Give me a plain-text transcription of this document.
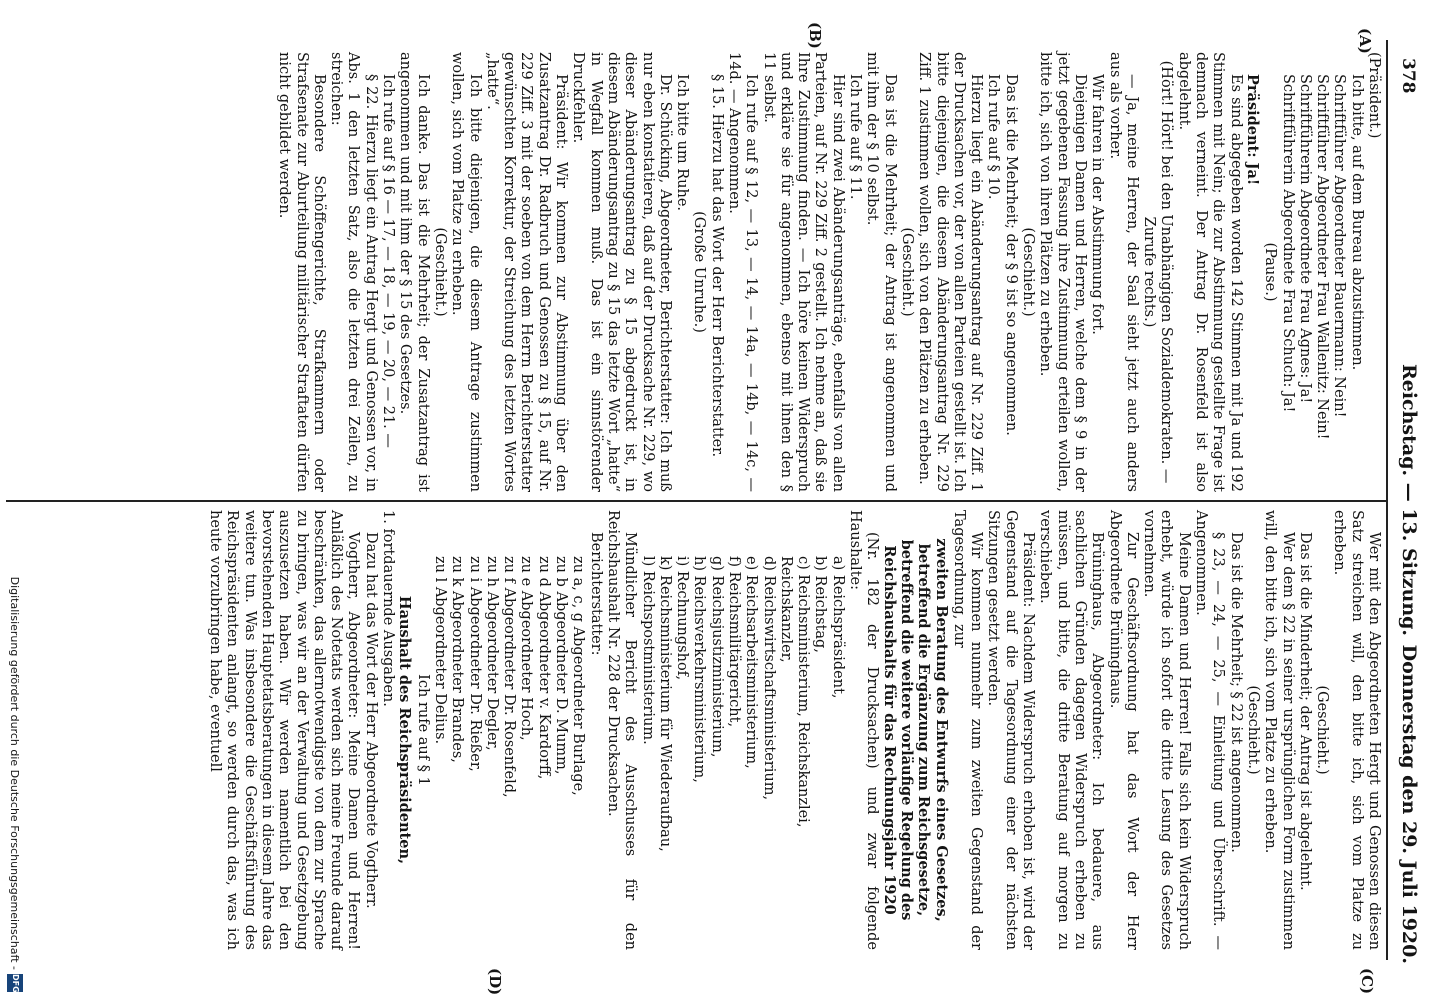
378
Reichstag. — 13. Sitzung.
Donnerstag den 29. Juli 1920.
(A)
(B)
(C)
(D)

(Präsident.)

Ich bitte, auf dem Bureau abzustimmen.

Schriftführer Abgeordneter Bauermann: Nein!

Schriftführer Abgeordneter Frau Wallenitz: Nein!

Schriftführerin Abgeordnete Frau Agnes: Ja!

Schriftführerin Abgeordnete Frau Schuch: Ja!

(Pause.)

Präsident: Ja!

Es sind abgegeben worden 142 Stimmen mit Ja und 192 Stimmen mit Nein; die zur Abstimmung gestellte Frage ist demnach verneint. Der Antrag Dr. Rosenfeld ist also abgelehnt.

(Hört! Hört! bei den Unabhängigen Sozialdemokraten. — Zurufe rechts.)

— Ja, meine Herren, der Saal sieht jetzt auch anders aus als vorher.

Wir fahren in der Abstimmung fort.

Diejenigen Damen und Herren, welche dem § 9 in der jetzt gegebenen Fassung ihre Zustimmung erteilen wollen, bitte ich, sich von ihren Plätzen zu erheben.

(Geschieht.)

Das ist die Mehrheit; der § 9 ist so angenommen.

Ich rufe auf § 10.

Hierzu liegt ein Abänderungsantrag auf Nr. 229 Ziff. 1 der Drucksachen vor, der von allen Parteien gestellt ist. Ich bitte diejenigen, die diesem Abänderungsantrag Nr. 229 Ziff. 1 zustimmen wollen, sich von den Plätzen zu erheben.

(Geschieht.)

Das ist die Mehrheit; der Antrag ist angenommen und mit ihm der § 10 selbst.

Ich rufe auf § 11.

Hier sind zwei Abänderungsanträge, ebenfalls von allen Parteien, auf Nr. 229 Ziff. 2 gestellt. Ich nehme an, daß sie Ihre Zustimmung finden. — Ich höre keinen Widerspruch und erkläre sie für angenommen, ebenso mit ihnen den § 11 selbst.

Ich rufe auf § 12, — 13, — 14, — 14a, — 14b, — 14c, — 14d. — Angenommen.

§ 15. Hierzu hat das Wort der Herr Berichterstatter.

(Große Unruhe.)

Ich bitte um Ruhe.

Dr. Schücking, Abgeordneter, Berichterstatter: Ich muß nur eben konstatieren, daß auf der Drucksache Nr. 229, wo dieser Abänderungsantrag zu § 15 abgedruckt ist, in diesem Abänderungsantrag zu § 15 das letzte Wort „hatte“ in Wegfall kommen muß. Das ist ein sinnstörender Druckfehler.

Präsident: Wir kommen zur Abstimmung über den Zusatzantrag Dr. Radbruch und Genossen zu § 15, auf Nr. 229 Ziff. 3 mit der soeben von dem Herrn Berichterstatter gewünschten Korrektur, der Streichung des letzten Wortes „hatte“.

Ich bitte diejenigen, die diesem Antrage zustimmen wollen, sich vom Platze zu erheben.

(Geschieht.)

Ich danke. Das ist die Mehrheit; der Zusatzantrag ist angenommen und mit ihm der § 15 des Gesetzes.

Ich rufe auf § 16 — 17, — 18, — 19, — 20, — 21. —

§ 22. Hierzu liegt ein Antrag Hergt und Genossen vor, in Abs. 1 den letzten Satz, also die letzten drei Zeilen, zu streichen:

Besondere Schöffengerichte, Strafkammern oder Strafsenate zur Aburteilung militärischer Straftaten dürfen nicht gebildet werden.

Wer mit den Abgeordneten Hergt und Genossen diesen Satz streichen will, den bitte ich, sich vom Platze zu erheben.

(Geschieht.)

Das ist die Minderheit; der Antrag ist abgelehnt.

Wer dem § 22 in seiner ursprünglichen Form zustimmen will, den bitte ich, sich vom Platze zu erheben.

(Geschieht.)

Das ist die Mehrheit; § 22 ist angenommen.

§ 23, — 24, — 25, — Einleitung und Überschrift. — Angenommen.

Meine Damen und Herren! Falls sich kein Widerspruch erhebt, würde ich sofort die dritte Lesung des Gesetzes vornehmen.

Zur Geschäftsordnung hat das Wort der Herr Abgeordnete Brüninghaus.

Brüninghaus, Abgeordneter: Ich bedauere, aus sachlichen Gründen dagegen Widerspruch erheben zu müssen, und bitte, die dritte Beratung auf morgen zu verschieben.

Präsident: Nachdem Widerspruch erhoben ist, wird der Gegenstand auf die Tagesordnung einer der nächsten Sitzungen gesetzt werden.

Wir kommen nunmehr zum zweiten Gegenstand der Tagesordnung, zur

zweiten Beratung des Entwurfs eines Gesetzes, betreffend die Ergänzung zum Reichsgesetze, betreffend die weitere vorläufige Regelung des Reichshaushalts für das Rechnungsjahr 1920

(Nr. 182 der Drucksachen) und zwar folgende Haushalte:

a) Reichspräsident,

b) Reichstag,

c) Reichsministerium, Reichskanzlei,

Reichskanzler,

d) Reichswirtschaftsministerium,

e) Reichsarbeitsministerium,

f) Reichsmilitärgericht,

g) Reichsjustizministerium,

h) Reichsverkehrsministerium,

i) Rechnungshof,

k) Reichsministerium für Wiederaufbau,

l) Reichspostministerium.

Mündlicher Bericht des Ausschusses für den Reichshaushalt Nr. 228 der Drucksachen.

Berichterstatter:

zu a, c, g Abgeordneter Burlage,

zu b Abgeordneter D. Mumm,

zu d Abgeordneter v. Kardorff,

zu e Abgeordneter Hoch,

zu f Abgeordneter Dr. Rosenfeld,

zu h Abgeordneter Degler,

zu i Abgeordneter Dr. Rießer,

zu k Abgeordneter Brandes,

zu l Abgeordneter Delius.

Ich rufe auf § 1

Haushalt des Reichspräsidenten,

1. fortdauernde Ausgaben.

Dazu hat das Wort der Herr Abgeordnete Vogtherr.

Vogtherr, Abgeordneter: Meine Damen und Herren! Anläßlich des Notetats werden sich meine Freunde darauf beschränken, das allernotwendigste von dem zur Sprache zu bringen, was wir an der Verwaltung und Gesetzgebung auszusetzen haben. Wir werden namentlich bei den bevorstehenden Hauptetatsberatungen in diesem Jahre das weitere tun. Was insbesondere die Geschäftsführung des Reichspräsidenten anlangt, so werden durch das, was ich heute vorzubringen habe, eventuell

Digitalisierung gefördert durch die Deutsche Forschungsgemeinschaft -
DFG
